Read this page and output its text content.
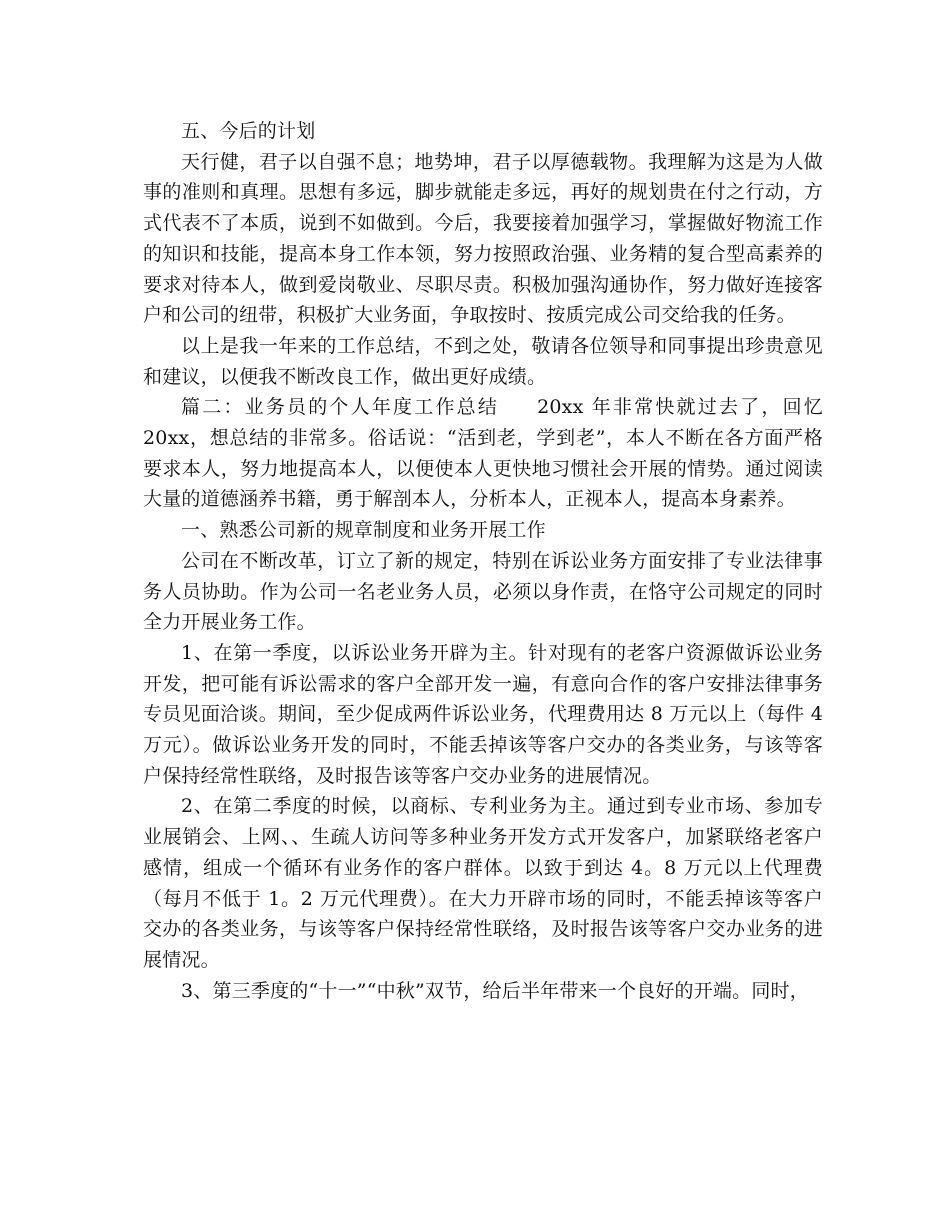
五、今后的计划

天行健，君子以自强不息；地势坤，君子以厚德载物。我理解为这是为人做事的准则和真理。思想有多远，脚步就能走多远，再好的规划贵在付之行动，方式代表不了本质，说到不如做到。今后，我要接着加强学习，掌握做好物流工作的知识和技能，提高本身工作本领，努力按照政治强、业务精的复合型高素养的要求对待本人，做到爱岗敬业、尽职尽责。积极加强沟通协作，努力做好连接客户和公司的纽带，积极扩大业务面，争取按时、按质完成公司交给我的任务。

以上是我一年来的工作总结，不到之处，敬请各位领导和同事提出珍贵意见和建议，以便我不断改良工作，做出更好成绩。

篇二：业务员的个人年度工作总结 20xx 年非常快就过去了，回忆 20xx，想总结的非常多。俗话说：“活到老，学到老”，本人不断在各方面严格要求本人，努力地提高本人，以便使本人更快地习惯社会开展的情势。通过阅读大量的道德涵养书籍，勇于解剖本人，分析本人，正视本人，提高本身素养。

一、熟悉公司新的规章制度和业务开展工作

公司在不断改革，订立了新的规定，特别在诉讼业务方面安排了专业法律事务人员协助。作为公司一名老业务人员，必须以身作责，在恪守公司规定的同时全力开展业务工作。

1、在第一季度，以诉讼业务开辟为主。针对现有的老客户资源做诉讼业务开发，把可能有诉讼需求的客户全部开发一遍，有意向合作的客户安排法律事务专员见面洽谈。期间，至少促成两件诉讼业务，代理费用达 8 万元以上（每件 4 万元）。做诉讼业务开发的同时，不能丢掉该等客户交办的各类业务，与该等客户保持经常性联络，及时报告该等客户交办业务的进展情况。

2、在第二季度的时候，以商标、专利业务为主。通过到专业市场、参加专业展销会、上网、、生疏人访问等多种业务开发方式开发客户，加紧联络老客户感情，组成一个循环有业务作的客户群体。以致于到达 4。8 万元以上代理费（每月不低于 1。2 万元代理费）。在大力开辟市场的同时，不能丢掉该等客户交办的各类业务，与该等客户保持经常性联络，及时报告该等客户交办业务的进展情况。

3、第三季度的“十一”“中秋”双节，给后半年带来一个良好的开端。同时，
